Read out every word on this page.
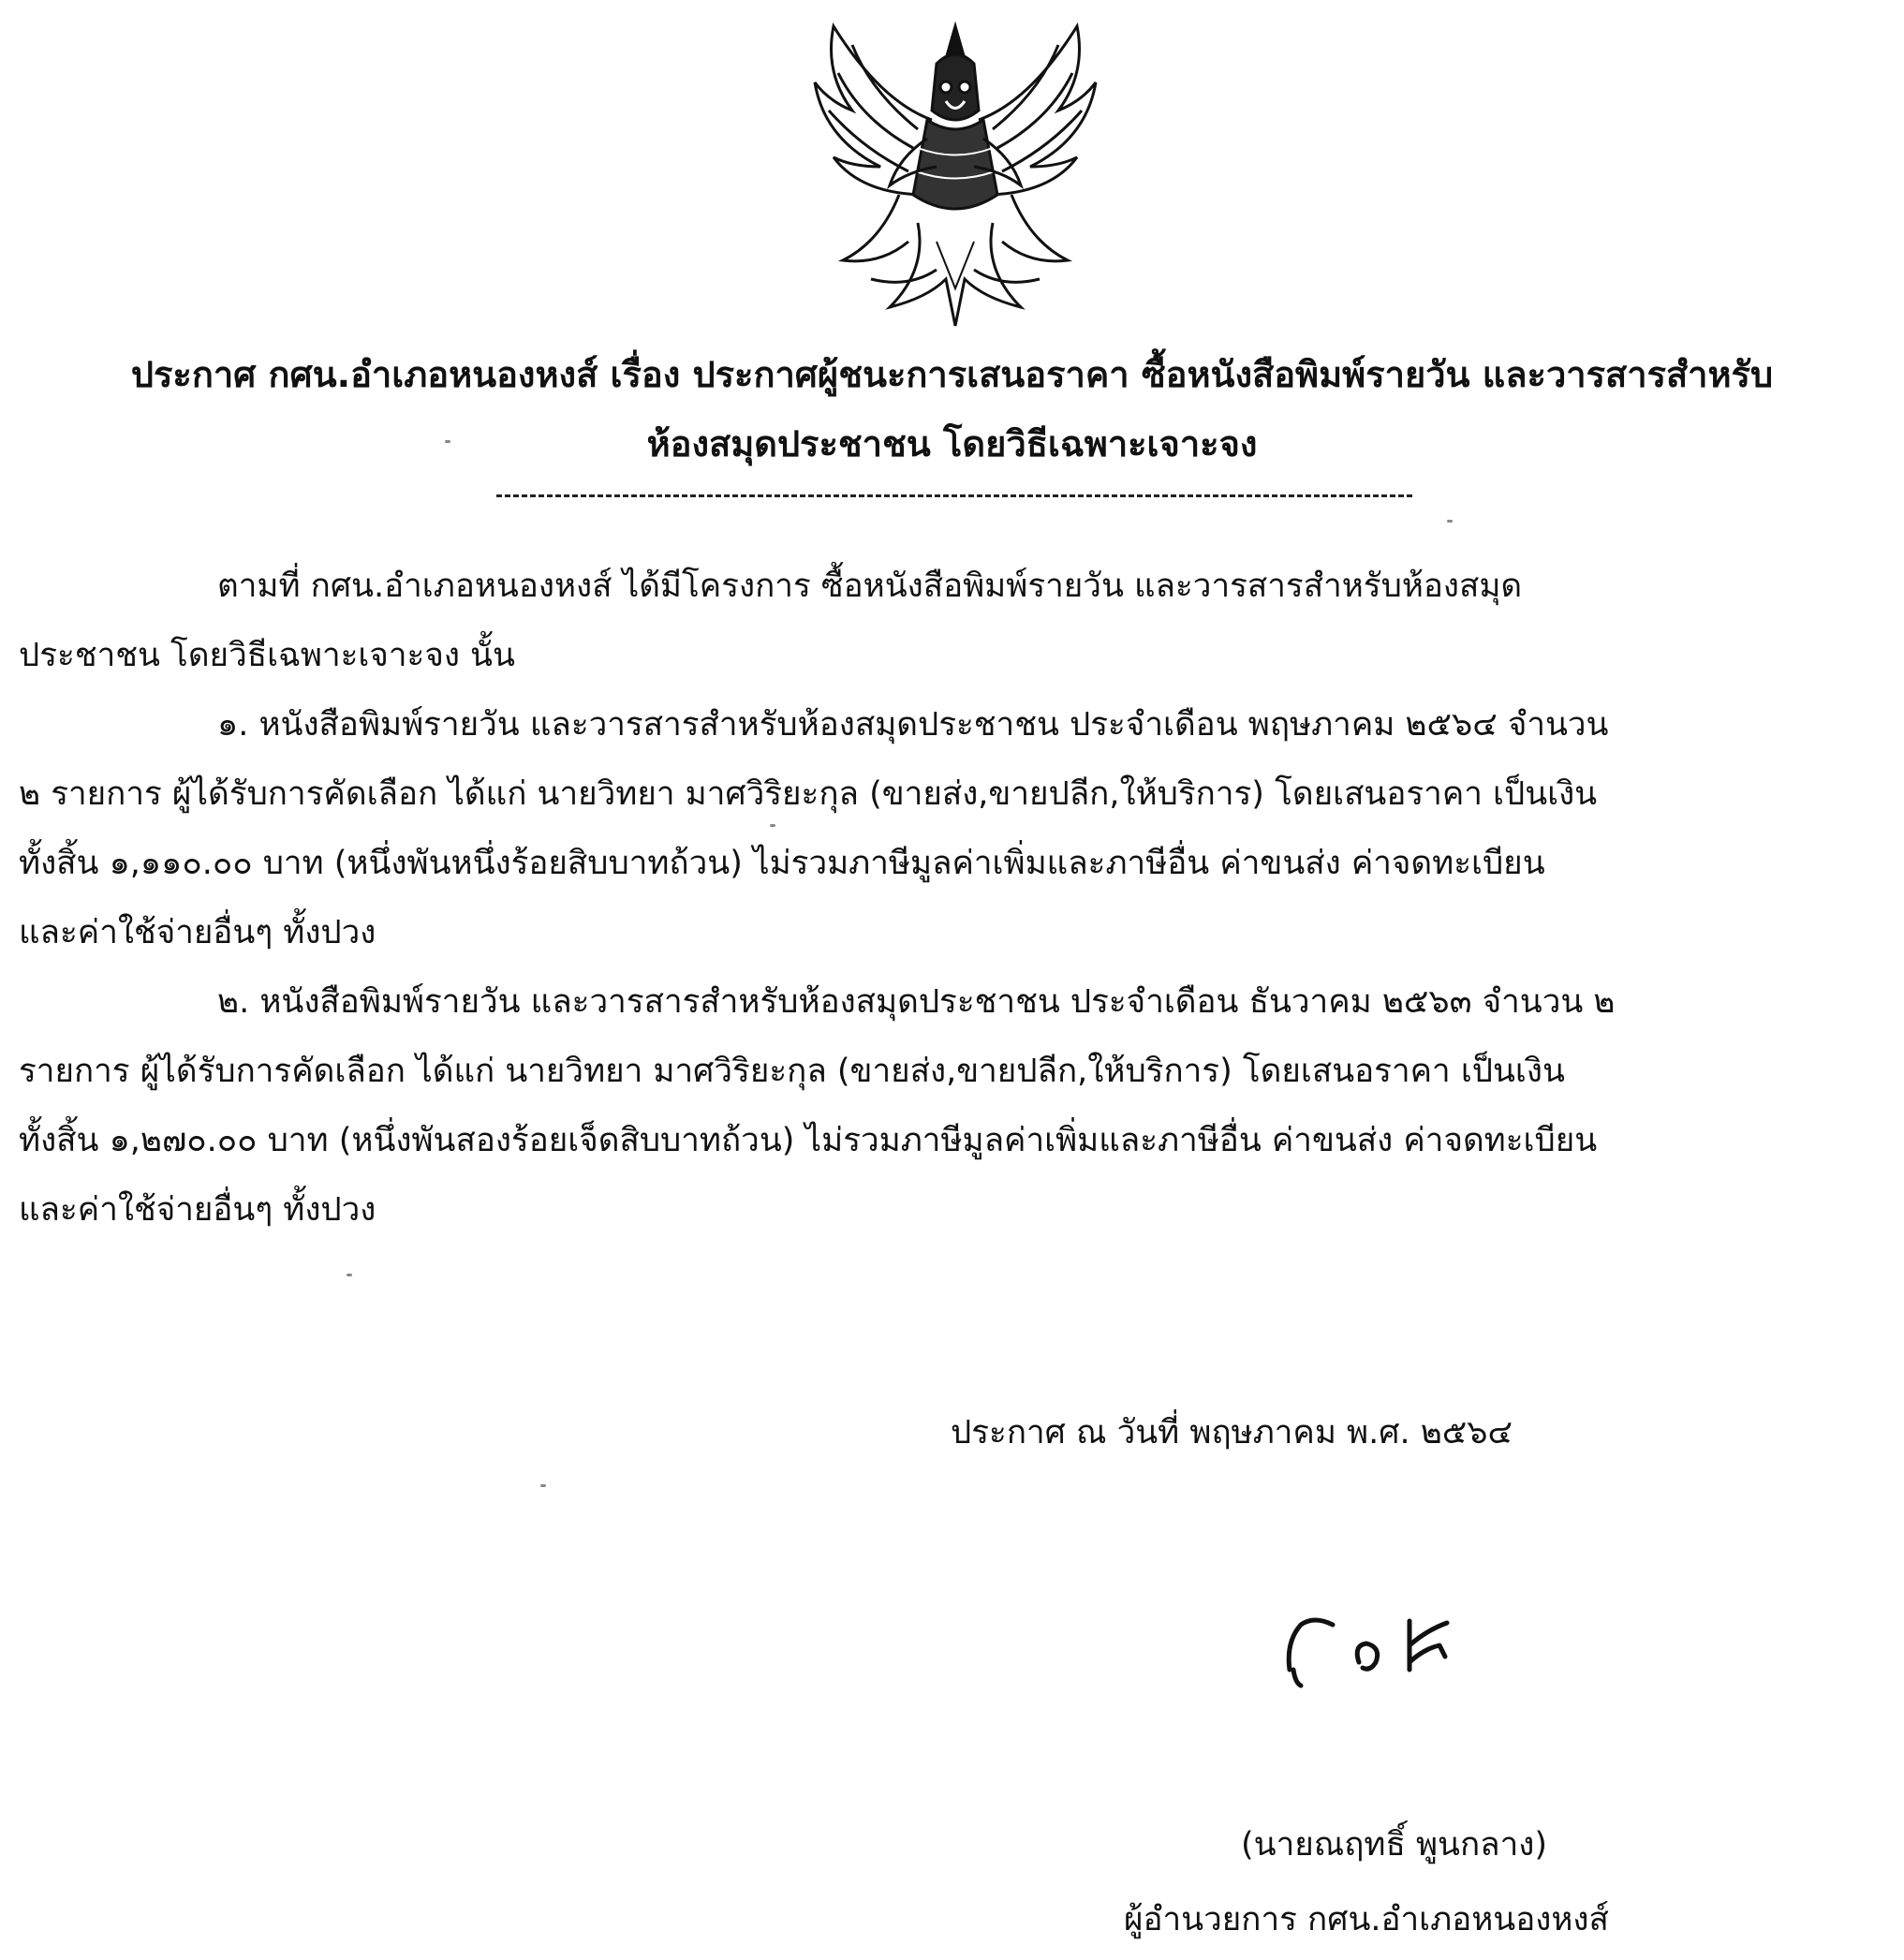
ประกาศ กศน.อำเภอหนองหงส์ เรื่อง ประกาศผู้ชนะการเสนอราคา ซื้อหนังสือพิมพ์รายวัน และวารสารสำหรับ
ห้องสมุดประชาชน โดยวิธีเฉพาะเจาะจง
ตามที่ กศน.อำเภอหนองหงส์ ได้มีโครงการ ซื้อหนังสือพิมพ์รายวัน และวารสารสำหรับห้องสมุด
ประชาชน โดยวิธีเฉพาะเจาะจง นั้น
๑. หนังสือพิมพ์รายวัน และวารสารสำหรับห้องสมุดประชาชน ประจำเดือน พฤษภาคม ๒๕๖๔ จำนวน
๒ รายการ ผู้ได้รับการคัดเลือก ได้แก่ นายวิทยา มาศวิริยะกุล (ขายส่ง,ขายปลีก,ให้บริการ) โดยเสนอราคา เป็นเงิน
ทั้งสิ้น ๑,๑๑๐.๐๐ บาท (หนึ่งพันหนึ่งร้อยสิบบาทถ้วน) ไม่รวมภาษีมูลค่าเพิ่มและภาษีอื่น ค่าขนส่ง ค่าจดทะเบียน
และค่าใช้จ่ายอื่นๆ ทั้งปวง
๒. หนังสือพิมพ์รายวัน และวารสารสำหรับห้องสมุดประชาชน ประจำเดือน ธันวาคม ๒๕๖๓ จำนวน ๒
รายการ ผู้ได้รับการคัดเลือก ได้แก่ นายวิทยา มาศวิริยะกุล (ขายส่ง,ขายปลีก,ให้บริการ) โดยเสนอราคา เป็นเงิน
ทั้งสิ้น ๑,๒๗๐.๐๐ บาท (หนึ่งพันสองร้อยเจ็ดสิบบาทถ้วน) ไม่รวมภาษีมูลค่าเพิ่มและภาษีอื่น ค่าขนส่ง ค่าจดทะเบียน
และค่าใช้จ่ายอื่นๆ ทั้งปวง
ประกาศ ณ วันที่ พฤษภาคม พ.ศ. ๒๕๖๔
(นายณฤทธิ์ พูนกลาง)
ผู้อำนวยการ กศน.อำเภอหนองหงส์
